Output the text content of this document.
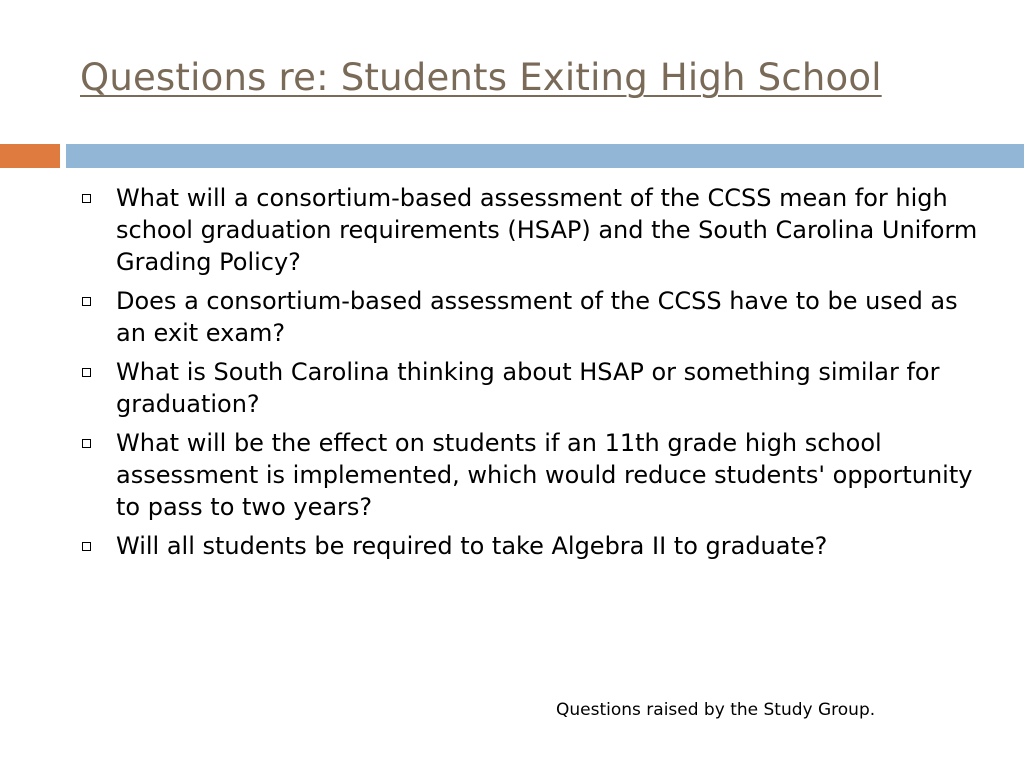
Questions re: Students Exiting High School
What will a consortium-based assessment of the CCSS mean for high school graduation requirements (HSAP) and the South Carolina Uniform Grading Policy?
Does a consortium-based assessment of the CCSS have to be used as an exit exam?
What is South Carolina thinking about HSAP or something similar for graduation?
What will be the effect on students if an 11th grade high school assessment is implemented, which would reduce students' opportunity to pass to two years?
Will all students be required to take Algebra II to graduate?
Questions raised by the Study Group.
